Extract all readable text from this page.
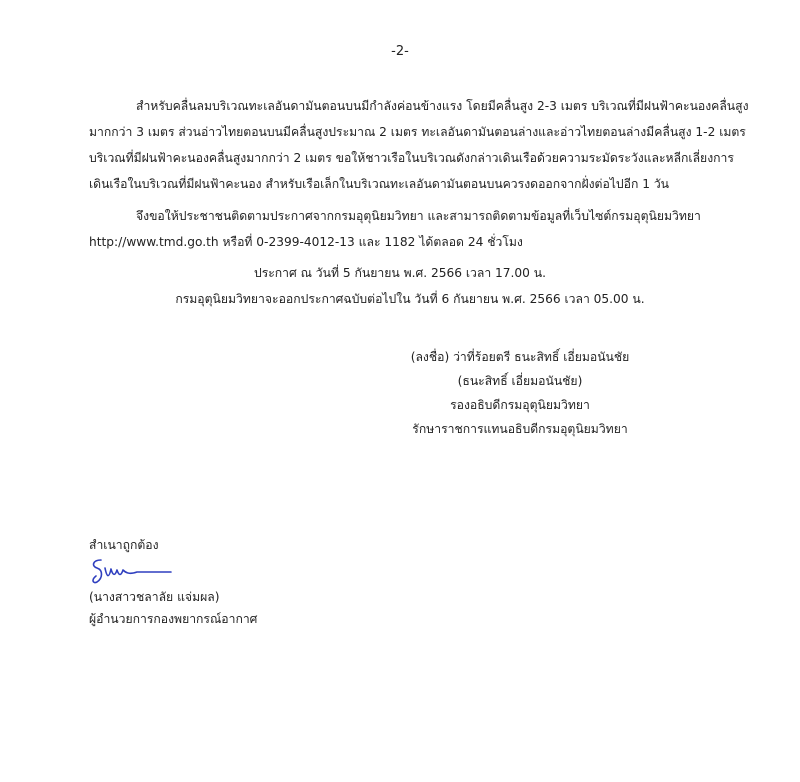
-2-
สำหรับคลื่นลมบริเวณทะเลอันดามันตอนบนมีกำลังค่อนข้างแรง โดยมีคลื่นสูง 2-3 เมตร บริเวณที่มีฝนฟ้าคะนองคลื่นสูง
มากกว่า 3 เมตร ส่วนอ่าวไทยตอนบนมีคลื่นสูงประมาณ 2 เมตร ทะเลอันดามันตอนล่างและอ่าวไทยตอนล่างมีคลื่นสูง 1-2 เมตร
บริเวณที่มีฝนฟ้าคะนองคลื่นสูงมากกว่า 2 เมตร ขอให้ชาวเรือในบริเวณดังกล่าวเดินเรือด้วยความระมัดระวังและหลีกเลี่ยงการ
เดินเรือในบริเวณที่มีฝนฟ้าคะนอง สำหรับเรือเล็กในบริเวณทะเลอันดามันตอนบนควรงดออกจากฝั่งต่อไปอีก 1 วัน
จึงขอให้ประชาชนติดตามประกาศจากกรมอุตุนิยมวิทยา และสามารถติดตามข้อมูลที่เว็บไซต์กรมอุตุนิยมวิทยา
http://www.tmd.go.th หรือที่ 0-2399-4012-13 และ 1182 ได้ตลอด 24 ชั่วโมง
ประกาศ ณ วันที่ 5 กันยายน พ.ศ. 2566 เวลา 17.00 น.
กรมอุตุนิยมวิทยาจะออกประกาศฉบับต่อไปใน วันที่ 6 กันยายน พ.ศ. 2566 เวลา 05.00 น.
(ลงชื่อ) ว่าที่ร้อยตรี ธนะสิทธิ์ เอี่ยมอนันชัย
(ธนะสิทธิ์ เอี่ยมอนันชัย)
รองอธิบดีกรมอุตุนิยมวิทยา
รักษาราชการแทนอธิบดีกรมอุตุนิยมวิทยา
สำเนาถูกต้อง
(นางสาวชลาลัย แจ่มผล)
ผู้อำนวยการกองพยากรณ์อากาศ
